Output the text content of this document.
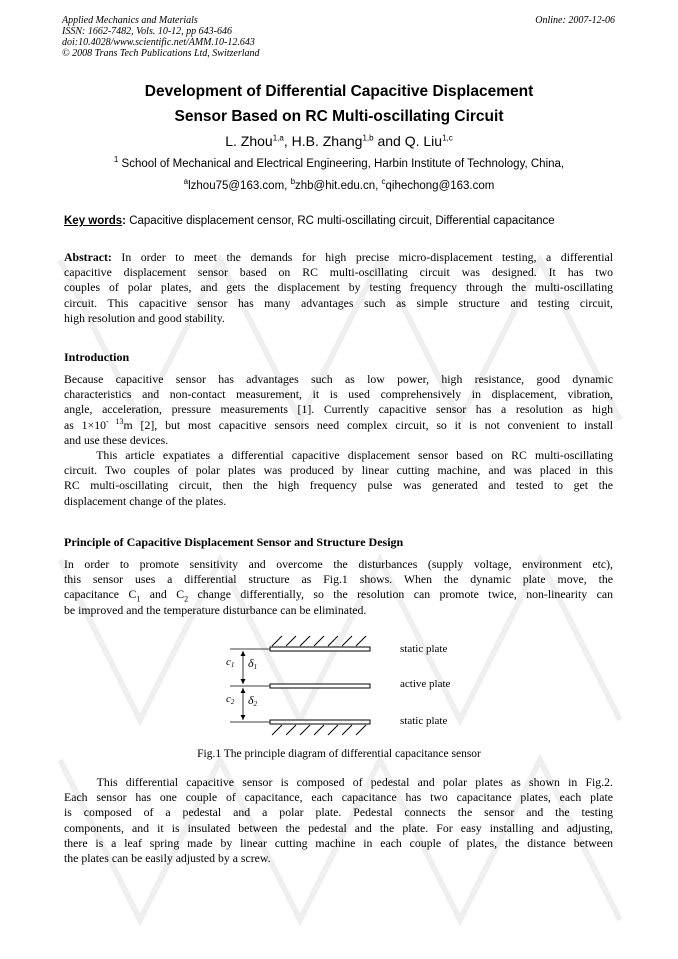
Applied Mechanics and Materials
ISSN: 1662-7482, Vols. 10-12, pp 643-646
doi:10.4028/www.scientific.net/AMM.10-12.643
© 2008 Trans Tech Publications Ltd, Switzerland
Online: 2007-12-06
Development of Differential Capacitive Displacement
Sensor Based on RC Multi-oscillating Circuit
L. Zhou$^{1,a}$, H.B. Zhang$^{1,b}$ and Q. Liu$^{1,c}$
$^1$ School of Mechanical and Electrical Engineering, Harbin Institute of Technology, China,
$^a$lzhou75@163.com, $^b$zhb@hit.edu.cn, $^c$qihechong@163.com
Key words: Capacitive displacement censor, RC multi-oscillating circuit, Differential capacitance
Abstract: In order to meet the demands for high precise micro-displacement testing, a differential
capacitive displacement sensor based on RC multi-oscillating circuit was designed. It has two
couples of polar plates, and gets the displacement by testing frequency through the multi-oscillating
circuit. This capacitive sensor has many advantages such as simple structure and testing circuit,
high resolution and good stability.
Introduction
Because capacitive sensor has advantages such as low power, high resistance, good dynamic
characteristics and non-contact measurement, it is used comprehensively in displacement, vibration,
angle, acceleration, pressure measurements [1]. Currently capacitive sensor has a resolution as high
as $1\times 10^{- 13}m$ [2], but most capacitive sensors need complex circuit, so it is not convenient to install
and use these devices.
This article expatiates a differential capacitive displacement sensor based on RC multi-oscillating
circuit. Two couples of polar plates was produced by linear cutting machine, and was placed in this
RC multi-oscillating circuit, then the high frequency pulse was generated and tested to get the
displacement change of the plates.
Principle of Capacitive Displacement Sensor and Structure Design
In order to promote sensitivity and overcome the disturbances (supply voltage, environment etc),
this sensor uses a differential structure as Fig.1 shows. When the dynamic plate move, the
capacitance $C_1$ and $C_2$ change differentially, so the resolution can promote twice, non-linearity can
be improved and the temperature disturbance can be eliminated.
c1 δ1
c2 δ2
static plate
active plate
static plate
Fig.1 The principle diagram of differential capacitance sensor
This differential capacitive sensor is composed of pedestal and polar plates as shown in Fig.2.
Each sensor has one couple of capacitance, each capacitance has two capacitance plates, each plate
is composed of a pedestal and a polar plate. Pedestal connects the sensor and the testing
components, and it is insulated between the pedestal and the plate. For easy installing and adjusting,
there is a leaf spring made by linear cutting machine in each couple of plates, the distance between
the plates can be easily adjusted by a screw.
